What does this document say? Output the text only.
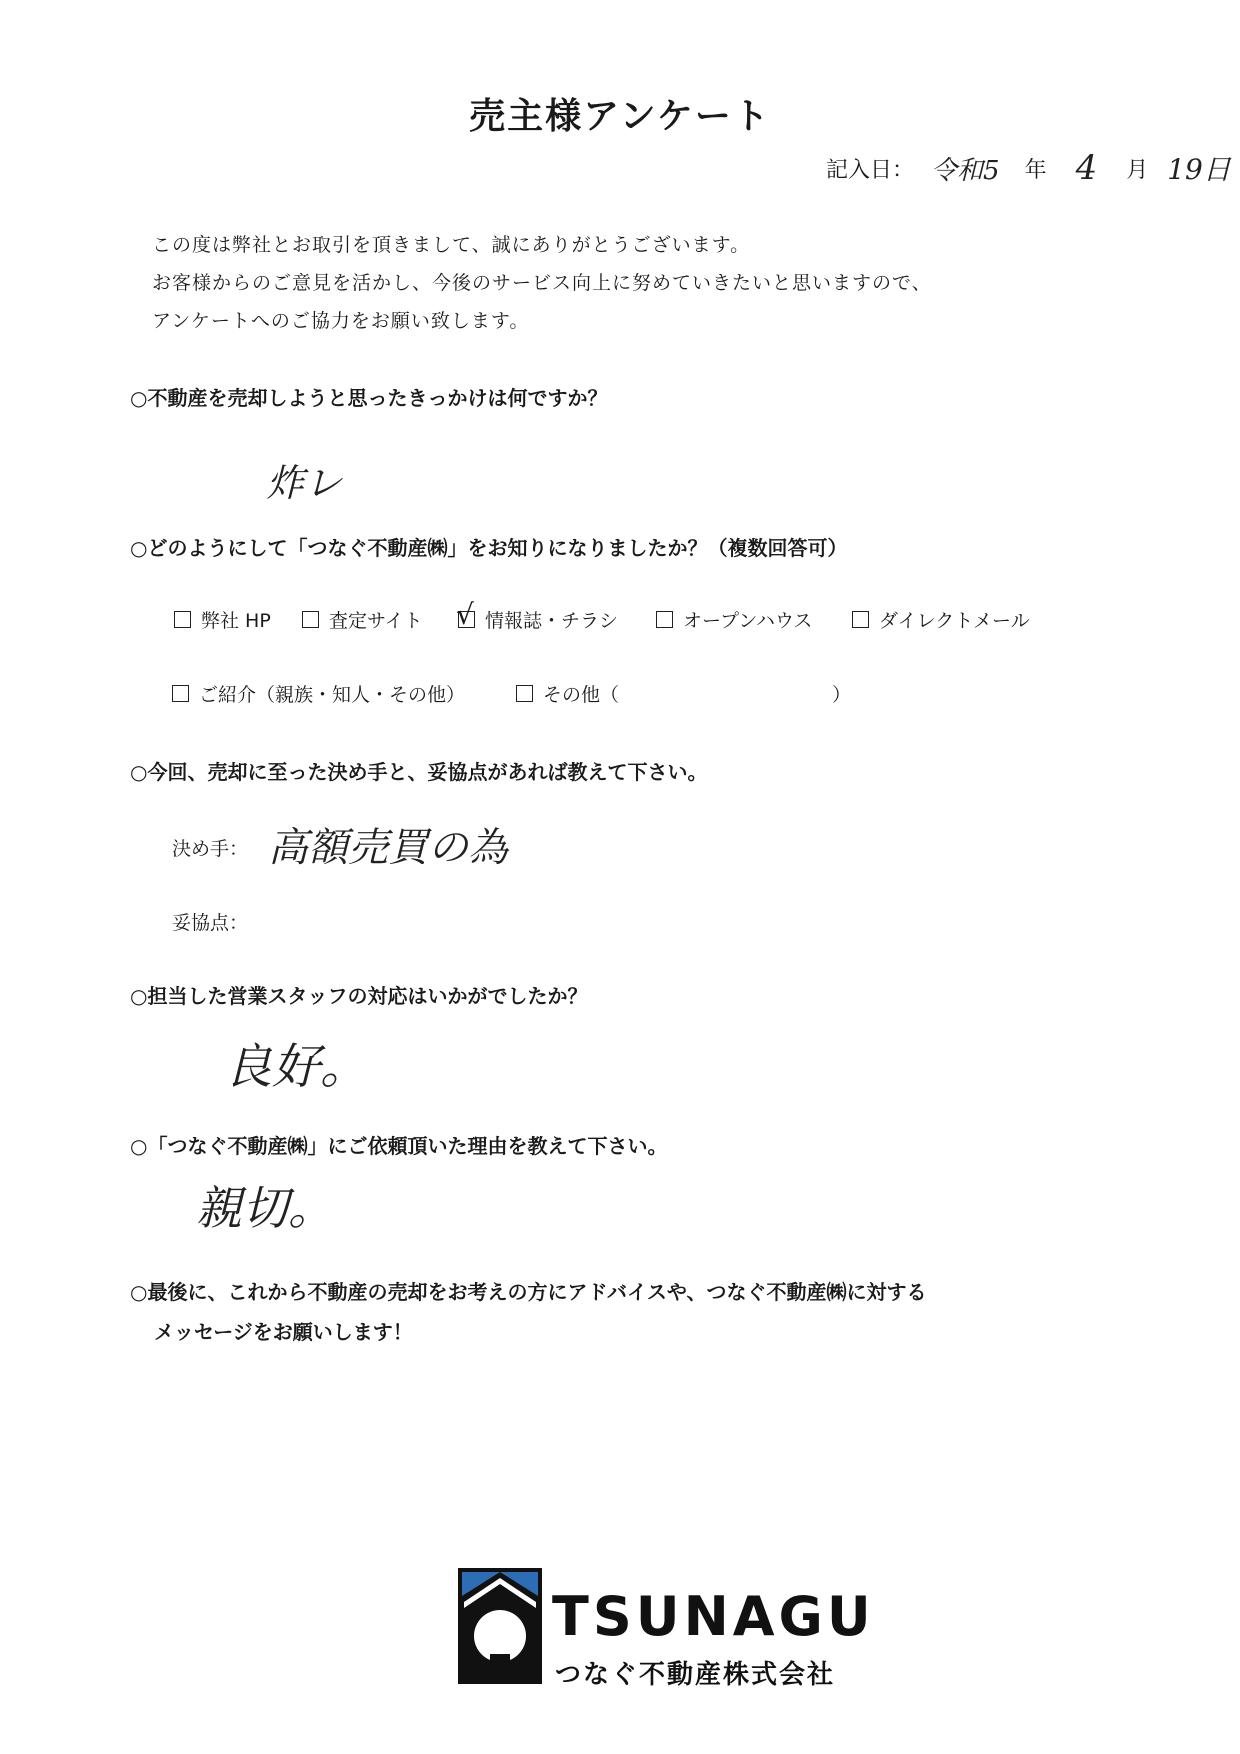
売主様アンケート
記入日： 令和5 年 4 月 19日
この度は弊社とお取引を頂きまして、誠にありがとうございます。
お客様からのご意見を活かし、今後のサービス向上に努めていきたいと思いますので、
アンケートへのご協力をお願い致します。
○不動産を売却しようと思ったきっかけは何ですか？
炸レ
○どのようにして「つなぐ不動産㈱」をお知りになりましたか？（複数回答可）
弊社 HP	査定サイト √ 情報誌・チラシ	オープンハウス	ダイレクトメール
ご紹介（親族・知人・その他）	その他（	）
○今回、売却に至った決め手と、妥協点があれば教えて下さい。
決め手： 高額売買の為
妥協点：
○担当した営業スタッフの対応はいかがでしたか？
良好。
○「つなぐ不動産㈱」にご依頼頂いた理由を教えて下さい。
親切。
○最後に、これから不動産の売却をお考えの方にアドバイスや、つなぐ不動産㈱に対する
メッセージをお願いします！
TSUNAGU
つなぐ不動産株式会社
